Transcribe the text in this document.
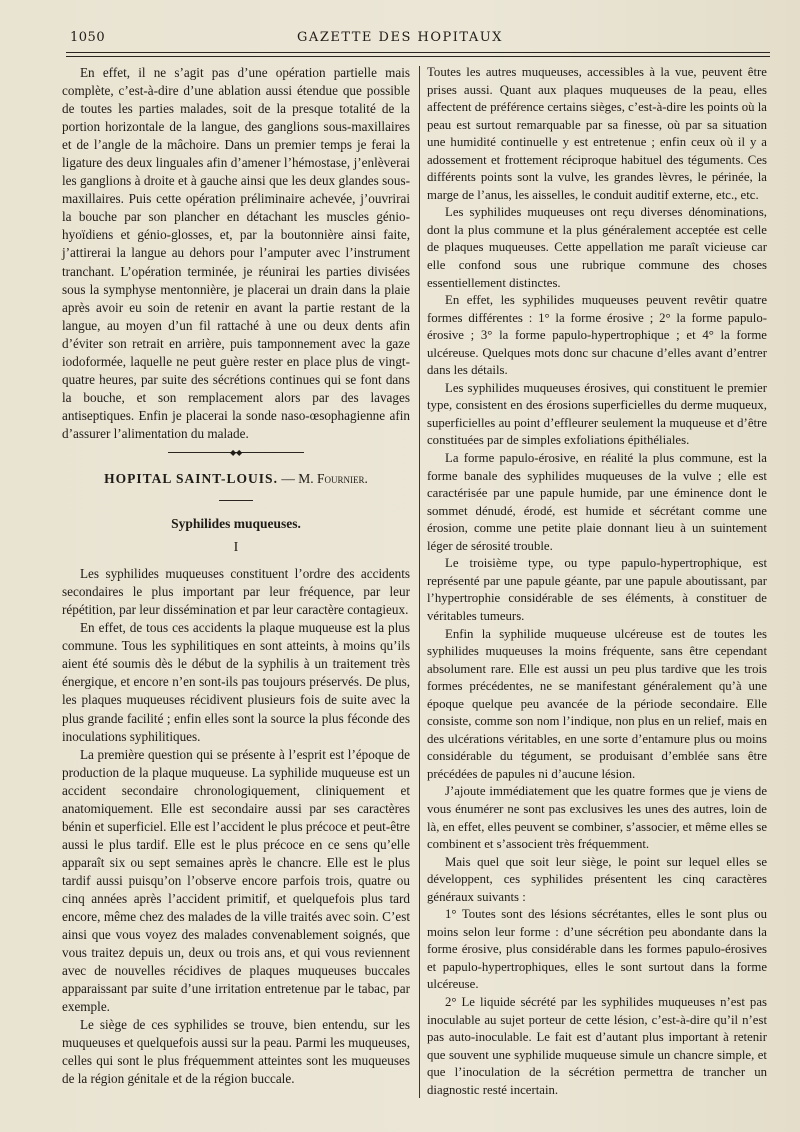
1050	GAZETTE DES HOPITAUX

En effet, il ne s’agit pas d’une opération partielle mais complète, c’est-à-dire d’une ablation aussi étendue que possible de toutes les parties malades, soit de la presque totalité de la portion horizontale de la langue, des ganglions sous-maxillaires et de l’angle de la mâchoire. Dans un premier temps je ferai la ligature des deux linguales afin d’amener l’hémostase, j’enlèverai les ganglions à droite et à gauche ainsi que les deux glandes sous-maxillaires. Puis cette opération préliminaire achevée, j’ouvrirai la bouche par son plancher en détachant les muscles génio-hyoïdiens et génio-glosses, et, par la boutonnière ainsi faite, j’attirerai la langue au dehors pour l’amputer avec l’instrument tranchant. L’opération terminée, je réunirai les parties divisées sous la symphyse mentonnière, je placerai un drain dans la plaie après avoir eu soin de retenir en avant la partie restant de la langue, au moyen d’un fil rattaché à une ou deux dents afin d’éviter son retrait en arrière, puis tamponnement avec la gaze iodoformée, laquelle ne peut guère rester en place plus de vingt-quatre heures, par suite des sécrétions continues qui se font dans la bouche, et son remplacement alors par des lavages antiseptiques. Enfin je placerai la sonde naso-œsophagienne afin d’assurer l’alimentation du malade.

◆◆

HOPITAL SAINT-LOUIS. — M. Fournier.

Syphilides muqueuses.
I

Les syphilides muqueuses constituent l’ordre des accidents secondaires le plus important par leur fréquence, par leur répétition, par leur dissémination et par leur caractère contagieux.

En effet, de tous ces accidents la plaque muqueuse est la plus commune. Tous les syphilitiques en sont atteints, à moins qu’ils aient été soumis dès le début de la syphilis à un traitement très énergique, et encore n’en sont-ils pas toujours préservés. De plus, les plaques muqueuses récidivent plusieurs fois de suite avec la plus grande facilité ; enfin elles sont la source la plus féconde des inoculations syphilitiques.

La première question qui se présente à l’esprit est l’époque de production de la plaque muqueuse. La syphilide muqueuse est un accident secondaire chronologiquement, cliniquement et anatomiquement. Elle est secondaire aussi par ses caractères bénin et superficiel. Elle est l’accident le plus précoce et peut-être aussi le plus tardif. Elle est le plus précoce en ce sens qu’elle apparaît six ou sept semaines après le chancre. Elle est le plus tardif aussi puisqu’on l’observe encore parfois trois, quatre ou cinq années après l’accident primitif, et quelquefois plus tard encore, même chez des malades de la ville traités avec soin. C’est ainsi que vous voyez des malades convenablement soignés, que vous traitez depuis un, deux ou trois ans, et qui vous reviennent avec de nouvelles récidives de plaques muqueuses buccales apparaissant par suite d’une irritation entretenue par le tabac, par exemple.

Le siège de ces syphilides se trouve, bien entendu, sur les muqueuses et quelquefois aussi sur la peau. Parmi les muqueuses, celles qui sont le plus fréquemment atteintes sont les muqueuses de la région génitale et de la région buccale.

Toutes les autres muqueuses, accessibles à la vue, peuvent être prises aussi. Quant aux plaques muqueuses de la peau, elles affectent de préférence certains sièges, c’est-à-dire les points où la peau est surtout remarquable par sa finesse, où par sa situation une humidité continuelle y est entretenue ; enfin ceux où il y a adossement et frottement réciproque habituel des téguments. Ces différents points sont la vulve, les grandes lèvres, le périnée, la marge de l’anus, les aisselles, le conduit auditif externe, etc., etc.

Les syphilides muqueuses ont reçu diverses dénominations, dont la plus commune et la plus généralement acceptée est celle de plaques muqueuses. Cette appellation me paraît vicieuse car elle confond sous une rubrique commune des choses essentiellement distinctes.

En effet, les syphilides muqueuses peuvent revêtir quatre formes différentes : 1° la forme érosive ; 2° la forme papulo-érosive ; 3° la forme papulo-hypertrophique ; et 4° la forme ulcéreuse. Quelques mots donc sur chacune d’elles avant d’entrer dans les détails.

Les syphilides muqueuses érosives, qui constituent le premier type, consistent en des érosions superficielles du derme muqueux, superficielles au point d’effleurer seulement la muqueuse et d’être constituées par de simples exfoliations épithéliales.

La forme papulo-érosive, en réalité la plus commune, est la forme banale des syphilides muqueuses de la vulve ; elle est caractérisée par une papule humide, par une éminence dont le sommet dénudé, érodé, est humide et sécrétant comme une érosion, comme une petite plaie donnant lieu à un suintement léger de sérosité trouble.

Le troisième type, ou type papulo-hypertrophique, est représenté par une papule géante, par une papule aboutissant, par l’hypertrophie considérable de ses éléments, à constituer de véritables tumeurs.

Enfin la syphilide muqueuse ulcéreuse est de toutes les syphilides muqueuses la moins fréquente, sans être cependant absolument rare. Elle est aussi un peu plus tardive que les trois formes précédentes, ne se manifestant généralement qu’à une époque quelque peu avancée de la période secondaire. Elle consiste, comme son nom l’indique, non plus en un relief, mais en des ulcérations véritables, en une sorte d’entamure plus ou moins considérable du tégument, se produisant d’emblée sans être précédées de papules ni d’aucune lésion.

J’ajoute immédiatement que les quatre formes que je viens de vous énumérer ne sont pas exclusives les unes des autres, loin de là, en effet, elles peuvent se combiner, s’associer, et même elles se combinent et s’associent très fréquemment.

Mais quel que soit leur siège, le point sur lequel elles se développent, ces syphilides présentent les cinq caractères généraux suivants :

1° Toutes sont des lésions sécrétantes, elles le sont plus ou moins selon leur forme : d’une sécrétion peu abondante dans la forme érosive, plus considérable dans les formes papulo-érosives et papulo-hypertrophiques, elles le sont surtout dans la forme ulcéreuse.

2° Le liquide sécrété par les syphilides muqueuses n’est pas inoculable au sujet porteur de cette lésion, c’est-à-dire qu’il n’est pas auto-inoculable. Le fait est d’autant plus important à retenir que souvent une syphilide muqueuse simule un chancre simple, et que l’inoculation de la sécrétion permettra de trancher un diagnostic resté incertain.
